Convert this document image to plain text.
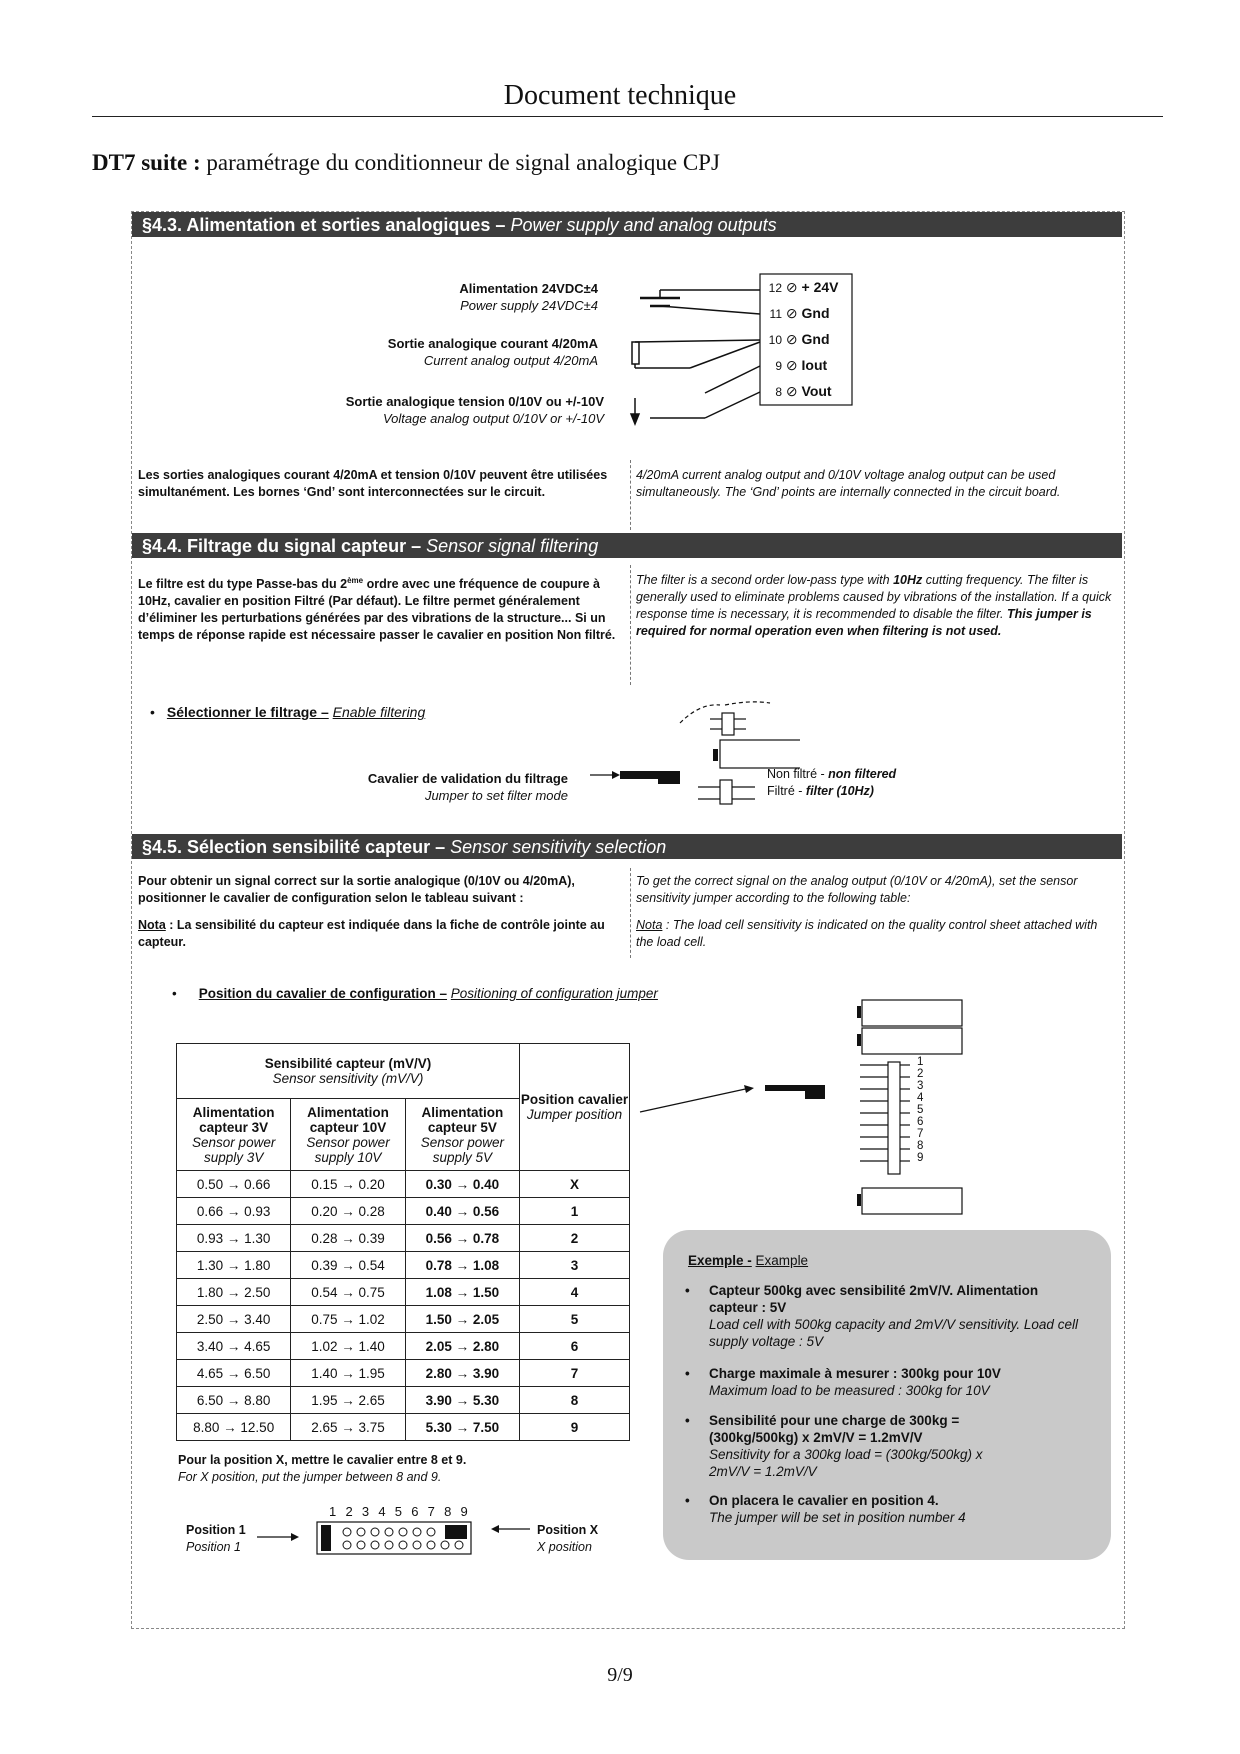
Document technique
DT7 suite : paramétrage du conditionneur de signal analogique CPJ
§4.3. Alimentation et sorties analogiques – Power supply and analog outputs
Alimentation 24VDC±4
Power supply 24VDC±4
Sortie analogique courant 4/20mA
Current analog output 4/20mA
Sortie analogique tension 0/10V ou +/-10V
Voltage analog output 0/10V or +/-10V
12 ⊘ + 24V
11 ⊘ Gnd
10 ⊘ Gnd
9 ⊘ Iout
8 ⊘ Vout
Les sorties analogiques courant 4/20mA et tension 0/10V peuvent être utilisées simultanément. Les bornes ‘Gnd’ sont interconnectées sur le circuit.
4/20mA current analog output and 0/10V voltage analog output can be used simultaneously. The ‘Gnd’ points are internally connected in the circuit board.
§4.4. Filtrage du signal capteur – Sensor signal filtering
Le filtre est du type Passe-bas du 2ème ordre avec une fréquence de coupure à 10Hz, cavalier en position Filtré (Par défaut). Le filtre permet généralement d’éliminer les perturbations générées par des vibrations de la structure... Si un temps de réponse rapide est nécessaire passer le cavalier en position Non filtré.
The filter is a second order low-pass type with 10Hz cutting frequency. The filter is generally used to eliminate problems caused by vibrations of the installation. If a quick response time is necessary, it is recommended to disable the filter. This jumper is required for normal operation even when filtering is not used.
• Sélectionner le filtrage – Enable filtering
Cavalier de validation du filtrage
Jumper to set filter mode
Non filtré - non filtered
Filtré - filter (10Hz)
§4.5. Sélection sensibilité capteur – Sensor sensitivity selection
Pour obtenir un signal correct sur la sortie analogique (0/10V ou 4/20mA), positionner le cavalier de configuration selon le tableau suivant :
Nota : La sensibilité du capteur est indiquée dans la fiche de contrôle jointe au capteur.
To get the correct signal on the analog output (0/10V or 4/20mA), set the sensor sensitivity jumper according to the following table:
Nota : The load cell sensitivity is indicated on the quality control sheet attached with the load cell.
• Position du cavalier de configuration – Positioning of configuration jumper
Sensibilité capteur (mV/V)
Sensor sensitivity (mV/V)			Position cavalier
Jumper position
Alimentation capteur 3V
Sensor power supply 3V	Alimentation capteur 10V
Sensor power supply 10V	Alimentation capteur 5V
Sensor power supply 5V	
0.50 → 0.66	0.15 → 0.20	0.30 → 0.40	X
0.66 → 0.93	0.20 → 0.28	0.40 → 0.56	1
0.93 → 1.30	0.28 → 0.39	0.56 → 0.78	2
1.30 → 1.80	0.39 → 0.54	0.78 → 1.08	3
1.80 → 2.50	0.54 → 0.75	1.08 → 1.50	4
2.50 → 3.40	0.75 → 1.02	1.50 → 2.05	5
3.40 → 4.65	1.02 → 1.40	2.05 → 2.80	6
4.65 → 6.50	1.40 → 1.95	2.80 → 3.90	7
6.50 → 8.80	1.95 → 2.65	3.90 → 5.30	8
8.80 → 12.50	2.65 → 3.75	5.30 → 7.50	9
Pour la position X, mettre le cavalier entre 8 et 9.
For X position, put the jumper between 8 and 9.
1 2 3 4 5 6 7 8 9
Position 1
Position 1
Position X
X position
1
2
3
4
5
6
7
8
9
Exemple - Example
• Capteur 500kg avec sensibilité 2mV/V. Alimentation capteur : 5V
Load cell with 500kg capacity and 2mV/V sensitivity. Load cell supply voltage : 5V
• Charge maximale à mesurer : 300kg pour 10V
Maximum load to be measured : 300kg for 10V
• Sensibilité pour une charge de 300kg = (300kg/500kg) x 2mV/V = 1.2mV/V
Sensitivity for a 300kg load = (300kg/500kg) x 2mV/V = 1.2mV/V
• On placera le cavalier en position 4.
The jumper will be set in position number 4
9/9
